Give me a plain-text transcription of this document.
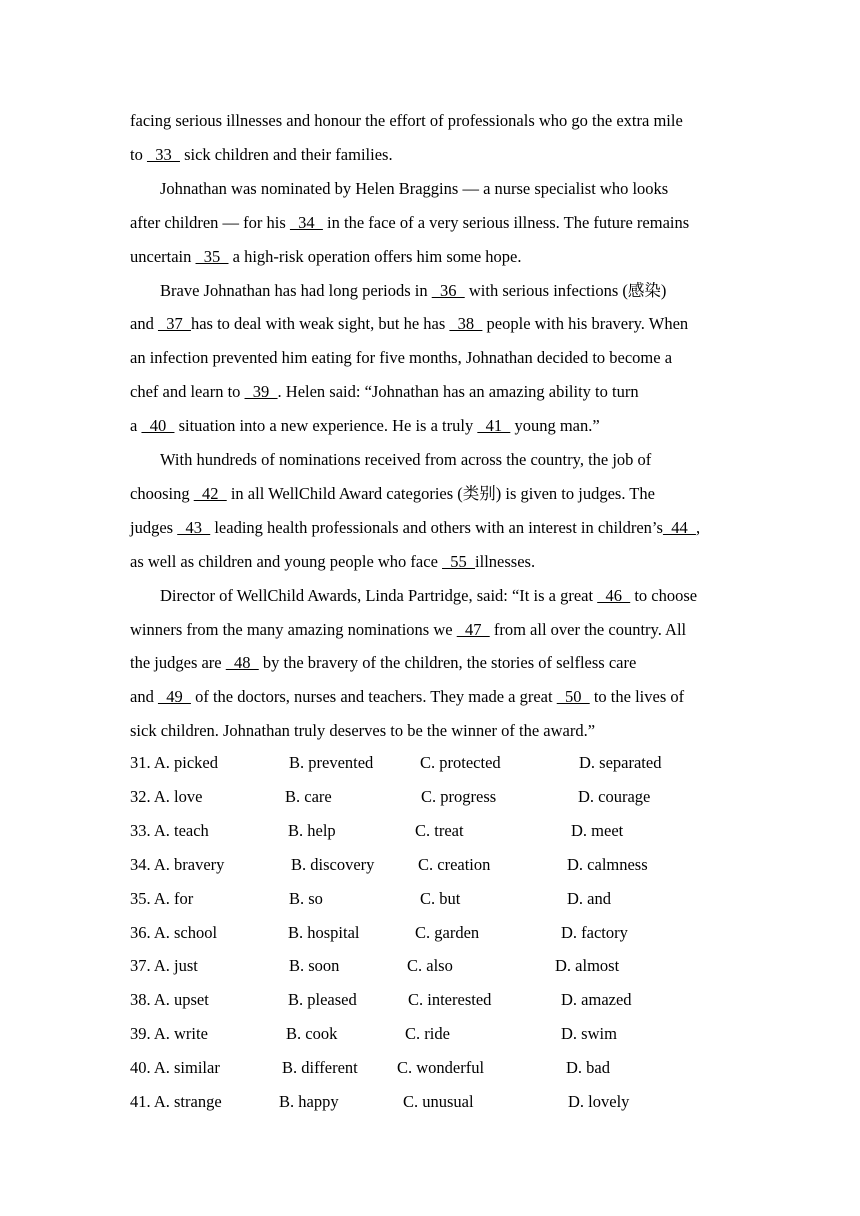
facing serious illnesses and honour the effort of professionals who go the extra mile
to   33   sick children and their families.
Johnathan was nominated by Helen Braggins — a nurse specialist who looks
after children — for his   34   in the face of a very serious illness. The future remains
uncertain   35   a high-risk operation offers him some hope.
Brave Johnathan has had long periods in   36   with serious infections (感染)
and   37  has to deal with weak sight, but he has   38   people with his bravery. When
an infection prevented him eating for five months, Johnathan decided to become a
chef and learn to   39  . Helen said: “Johnathan has an amazing ability to turn
a   40   situation into a new experience. He is a truly   41   young man.”
With hundreds of nominations received from across the country, the job of
choosing   42   in all WellChild Award categories (类别) is given to judges. The
judges   43   leading health professionals and others with an interest in children’s  44  ,
as well as children and young people who face   55  illnesses.
Director of WellChild Awards, Linda Partridge, said: “It is a great   46   to choose
winners from the many amazing nominations we   47   from all over the country. All
the judges are   48   by the bravery of the children, the stories of selfless care
and   49   of the doctors, nurses and teachers. They made a great   50   to the lives of
sick children. Johnathan truly deserves to be the winner of the award.”
31. A. picked	B. prevented	C. protected	D. separated
32. A. love	B. care	C. progress	D. courage
33. A. teach	B. help	C. treat	D. meet
34. A. bravery	B. discovery	C. creation	D. calmness
35. A. for	B. so	C. but	D. and
36. A. school	B. hospital	C. garden	D. factory
37. A. just	B. soon	C. also	D. almost
38. A. upset	B. pleased	C. interested	D. amazed
39. A. write	B. cook	C. ride	D. swim
40. A. similar	B. different C. wonderful	D. bad
41. A. strange	B. happy	C. unusual	D. lovely
